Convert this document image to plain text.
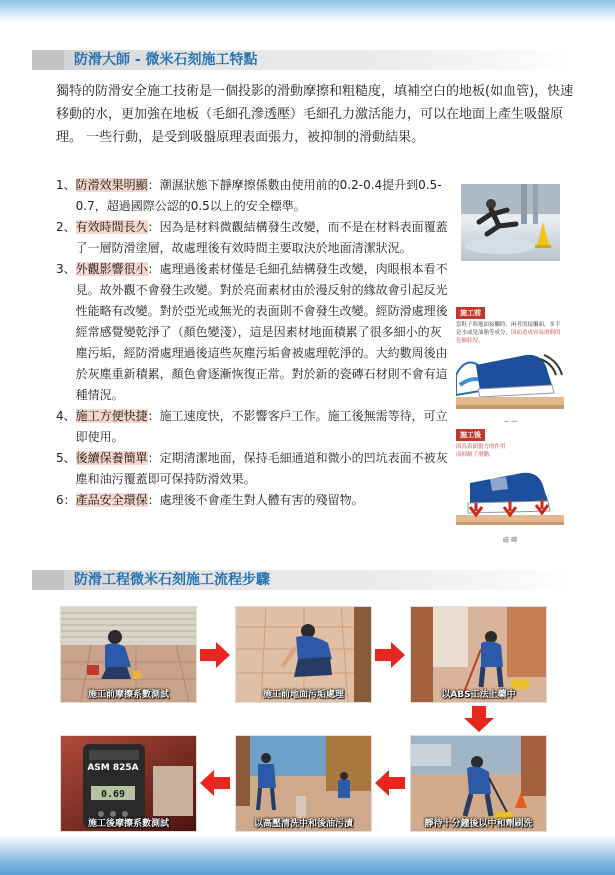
防滑大師 - 微米石刻施工特點
獨特的防滑安全施工技術是一個投影的滑動摩擦和粗糙度，填補空白的地板(如血管)，快速移動的水，更加強在地板（毛細孔滲透壓）毛細孔力激活能力，可以在地面上產生吸盤原理。 一些行動，是受到吸盤原理表面張力，被抑制的滑動結果。
1、 防滑效果明顯：潮濕狀態下靜摩擦係數由使用前的0.2-0.4提升到0.5-0.7，超過國際公認的0.5以上的安全標準。
2、 有效時間長久：因為是材料微觀結構發生改變，而不是在材料表面覆蓋了一層防滑塗層，故處理後有效時間主要取決於地面清潔狀況。
3、 外觀影響很小：處理過後素材僅是毛細孔結構發生改變，肉眼根本看不見。故外觀不會發生改變。對於亮面素材由於漫反射的緣故會引起反光性能略有改變。對於亞光或無光的表面則不會發生改變。經防滑處理後經常感覺變乾淨了（顏色變淺），這是因素材地面積累了很多細小的灰塵污垢，經防滑處理過後這些灰塵污垢會被處理乾淨的。大約數周後由於灰塵重新積累，顏色會逐漸恢復正常。對於新的瓷磚石材則不會有這種情況。
4、 施工方便快捷：施工速度快，不影響客戶工作。施工後無需等待，可立即使用。
5、 後續保養簡單：定期清潔地面，保持毛細通道和微小的凹坑表面不被灰塵和油污覆蓋即可保持防滑效果。
6： 產品安全環保：處理後不會產生對人體有害的殘留物。
施工前
當鞋子與地面接觸時，兩者的接觸面，多半是水或是油脂等成分，因而造成容易滑倒的危險狀況。
施工後
因為表面張力的作用
而抑制了滑動。
磁 磚
防滑工程微米石刻施工流程步驟
施工前摩擦系數測試	施工前地面污垢處理	以ABS工法上藥中
ASM 825A
0.69
施工後摩擦系數測試	以高壓清洗中和後油污漬	靜待十分鐘後以中和劑刷洗
